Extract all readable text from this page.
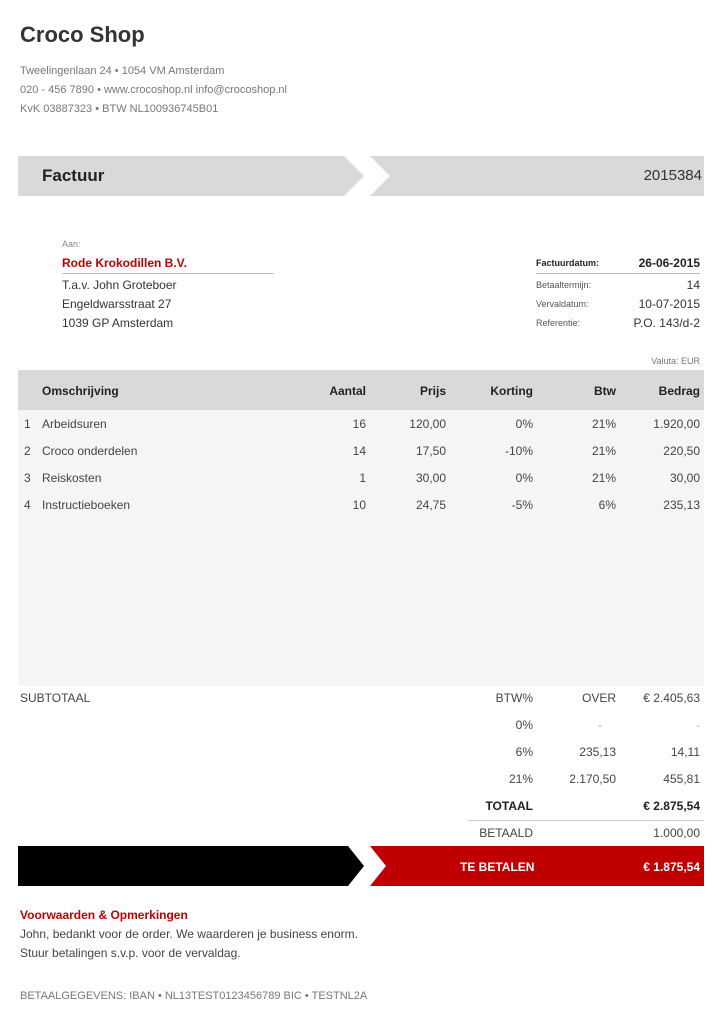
Croco Shop
Tweelingenlaan 24 • 1054 VM Amsterdam
020 - 456 7890 • www.crocoshop.nl info@crocoshop.nl
KvK 03887323 • BTW NL100936745B01
Factuur	2015384
Aan:
Rode Krokodillen B.V.
T.a.v. John Groteboer
Engeldwarsstraat 27
1039 GP Amsterdam
Factuurdatum:	26-06-2015
Betaaltermijn:	14
Vervaldatum:	10-07-2015
Referentie:	P.O. 143/d-2
Valuta: EUR
Omschrijving	Aantal	Prijs	Korting	Btw	Bedrag
1 Arbeidsuren	16	120,00	0%	21%	1.920,00
2 Croco onderdelen	14	17,50	-10%	21%	220,50
3 Reiskosten	1	30,00	0%	21%	30,00
4 Instructieboeken	10	24,75	-5%	6%	235,13
SUBTOTAAL	BTW%	OVER € 2.405,63
0%	-	-
6%	235,13	14,11
21%	2.170,50	455,81
TOTAAL	€ 2.875,54
BETAALD	1.000,00
TE BETALEN	€ 1.875,54
Voorwaarden & Opmerkingen
John, bedankt voor de order. We waarderen je business enorm.
Stuur betalingen s.v.p. voor de vervaldag.
BETAALGEGEVENS: IBAN • NL13TEST0123456789 BIC • TESTNL2A
